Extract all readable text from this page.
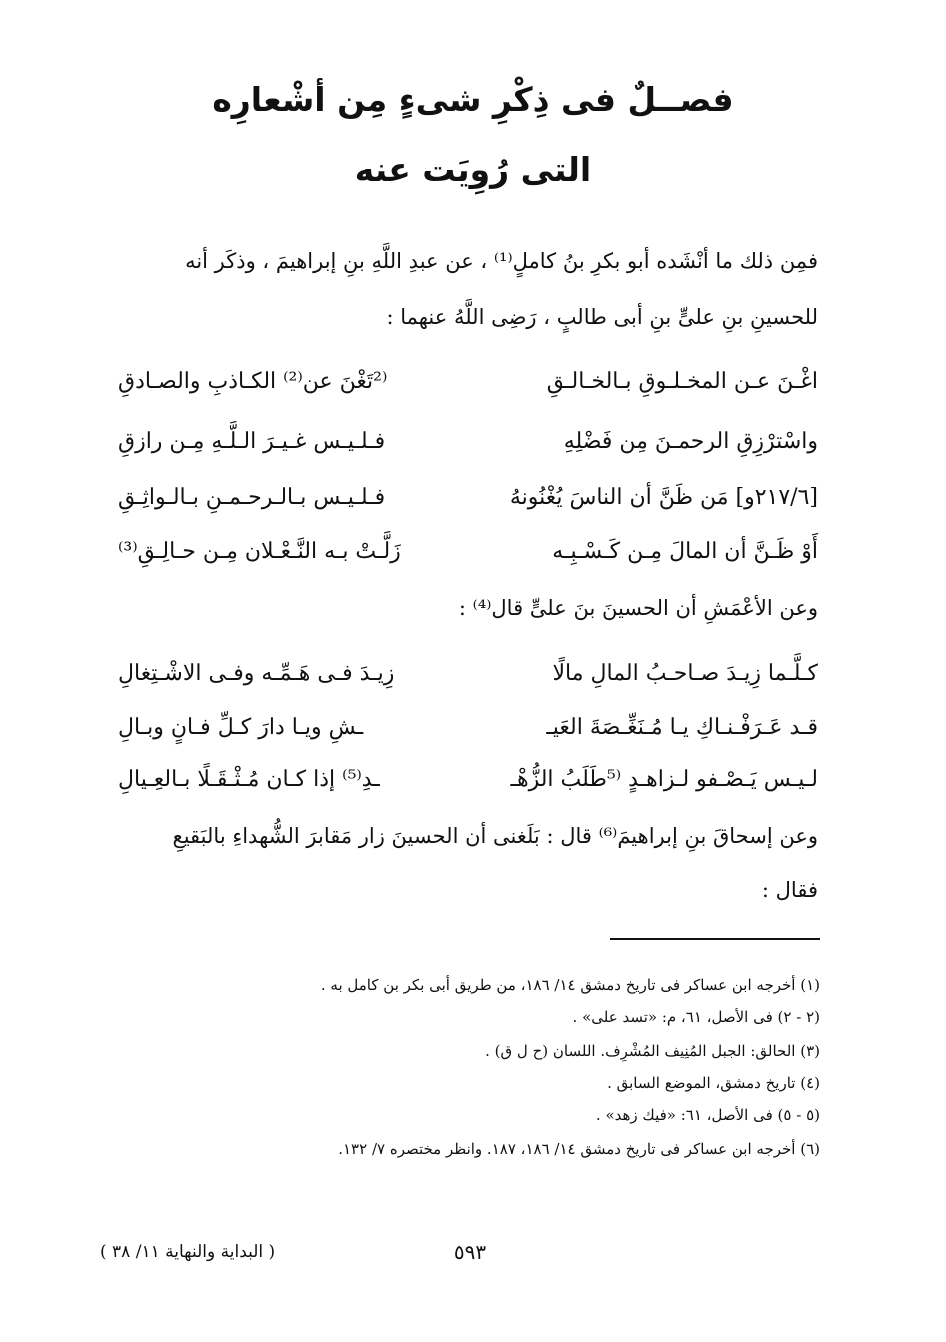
فصــلٌ فى ذِكْرِ شىءٍ مِن أشْعارِه
التى رُوِيَت عنه
فمِن ذلك ما أنْشَده أبو بكرِ بنُ كاملٍ⁽¹⁾ ، عن عبدِ اللَّهِ بنِ إبراهيمَ ، وذكَر أنه
للحسينِ بنِ علىٍّ بنِ أبى طالبٍ ، رَضِى اللَّهُ عنهما :
اغْـنَ عـن المخـلـوقِ بـالخـالـقِ
⁽²تَغْنَ عن⁽²⁾ الكـاذبِ والصـادقِ
واسْترْزِقِ الرحمـنَ مِن فَضْلِهِ
فـلـيـس غـيـرَ الـلَّـهِ مِـن رازقِ
[٢١٧/٦و] مَن ظَنَّ أن الناسَ يُغْنُونهُ
فـلـيـس بـالـرحـمـنِ بـالـواثِـقِ
أَوْ ظَـنَّ أن المالَ مِـن كَـسْـبِـه
زَلَّـتْ بـه النَّـعْـلان مِـن حـالِـقِ⁽³⁾
وعن الأعْمَشِ أن الحسينَ بنَ علىٍّ قال⁽⁴⁾ :
كـلَّـما زِيـدَ صـاحـبُ المالِ مالًا
زِيـدَ فـى هَـمِّـه وفـى الاشْـتِغالِ
قـد عَـرَفْـنـاكِ يـا مُـنَغِّـصَةَ العَيـ
ـشِ ويـا دارَ كـلِّ فـانٍ وبـالِ
لـيـس يَـصْـفو لـزاهـدٍ ⁽⁵طَلَبُ الزُّهْـ
ـدِ⁽⁵⁾ إذا كـان مُـثْـقَـلًا بـالعِـيالِ
وعن إسحاقَ بنِ إبراهيمَ⁽⁶⁾ قال : بَلَغنى أن الحسينَ زار مَقابرَ الشُّهداءِ بالبَقيعِ
فقال :
(١) أخرجه ابن عساكر فى تاريخ دمشق ١٤/ ١٨٦، من طريق أبى بكر بن كامل به .
(٢ - ٢) فى الأصل، ٦١، م: «تسد على» .
(٣) الحالق: الجبل المُنِيف المُشْرِف. اللسان (ح ل ق) .
(٤) تاريخ دمشق، الموضع السابق .
(٥ - ٥) فى الأصل، ٦١: «فيك زهد» .
(٦) أخرجه ابن عساكر فى تاريخ دمشق ١٤/ ١٨٦، ١٨٧. وانظر مختصره ٧/ ١٣٢.
٥٩٣
( البداية والنهاية ١١/ ٣٨ )
